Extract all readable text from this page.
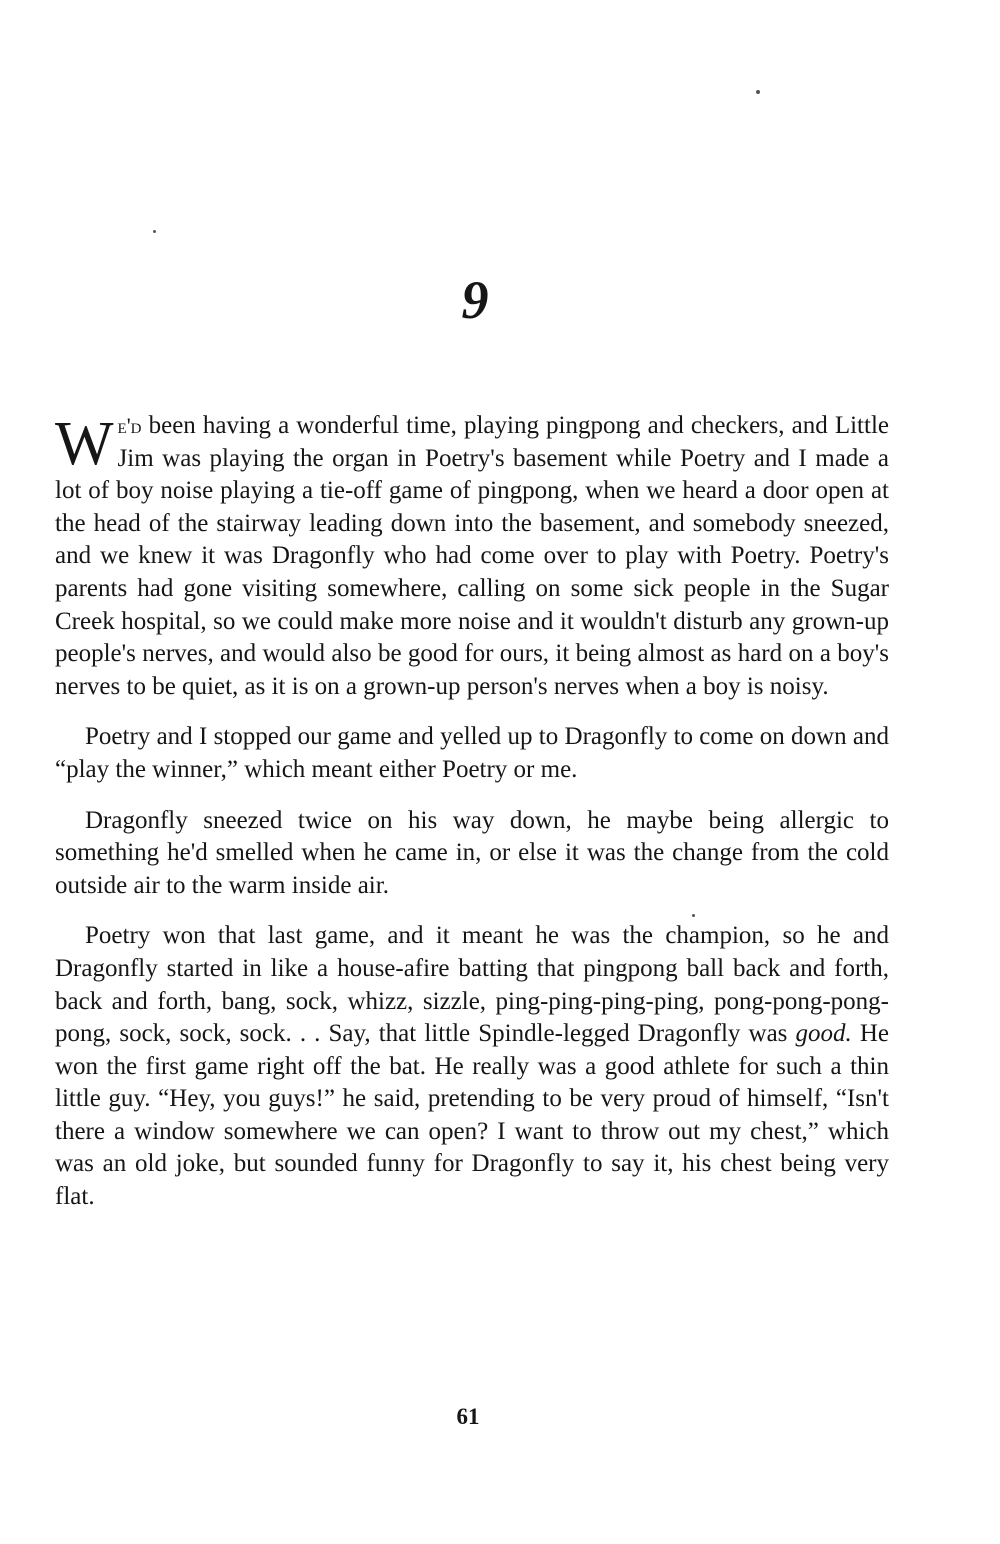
9

We'd been having a wonderful time, playing pingpong and checkers, and Little Jim was playing the organ in Poetry's basement while Poetry and I made a lot of boy noise playing a tie-off game of pingpong, when we heard a door open at the head of the stairway leading down into the basement, and somebody sneezed, and we knew it was Dragonfly who had come over to play with Poetry. Poetry's parents had gone visiting somewhere, calling on some sick people in the Sugar Creek hospital, so we could make more noise and it wouldn't disturb any grown-up people's nerves, and would also be good for ours, it being almost as hard on a boy's nerves to be quiet, as it is on a grown-up person's nerves when a boy is noisy.

Poetry and I stopped our game and yelled up to Dragonfly to come on down and “play the winner,” which meant either Poetry or me.

Dragonfly sneezed twice on his way down, he maybe being allergic to something he'd smelled when he came in, or else it was the change from the cold outside air to the warm inside air.

Poetry won that last game, and it meant he was the champion, so he and Dragonfly started in like a house-afire batting that pingpong ball back and forth, back and forth, bang, sock, whizz, sizzle, ping-ping-ping-ping, pong-pong-pong-pong, sock, sock, sock. . . Say, that little Spindle-legged Dragonfly was good. He won the first game right off the bat. He really was a good athlete for such a thin little guy. “Hey, you guys!” he said, pretending to be very proud of himself, “Isn't there a window somewhere we can open? I want to throw out my chest,” which was an old joke, but sounded funny for Dragonfly to say it, his chest being very flat.

61
